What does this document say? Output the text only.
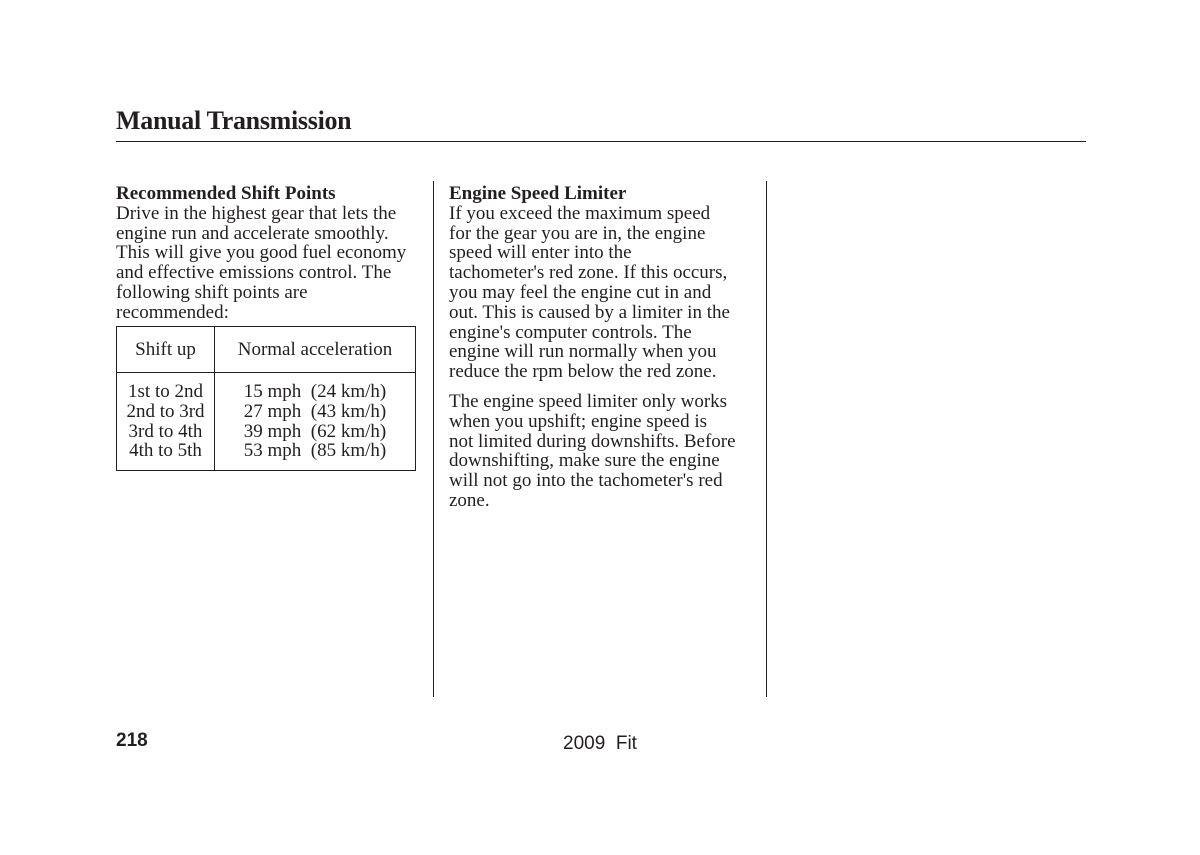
Manual Transmission
Recommended Shift Points
Drive in the highest gear that lets the
engine run and accelerate smoothly.
This will give you good fuel economy
and effective emissions control. The
following shift points are
recommended:
Shift up	Normal acceleration
1st to 2nd
2nd to 3rd
3rd to 4th
4th to 5th
15 mph  (24 km/h)
27 mph  (43 km/h)
39 mph  (62 km/h)
53 mph  (85 km/h)
Engine Speed Limiter
If you exceed the maximum speed
for the gear you are in, the engine
speed will enter into the
tachometer's red zone. If this occurs,
you may feel the engine cut in and
out. This is caused by a limiter in the
engine's computer controls. The
engine will run normally when you
reduce the rpm below the red zone.
The engine speed limiter only works
when you upshift; engine speed is
not limited during downshifts. Before
downshifting, make sure the engine
will not go into the tachometer's red
zone.
218	2009  Fit
